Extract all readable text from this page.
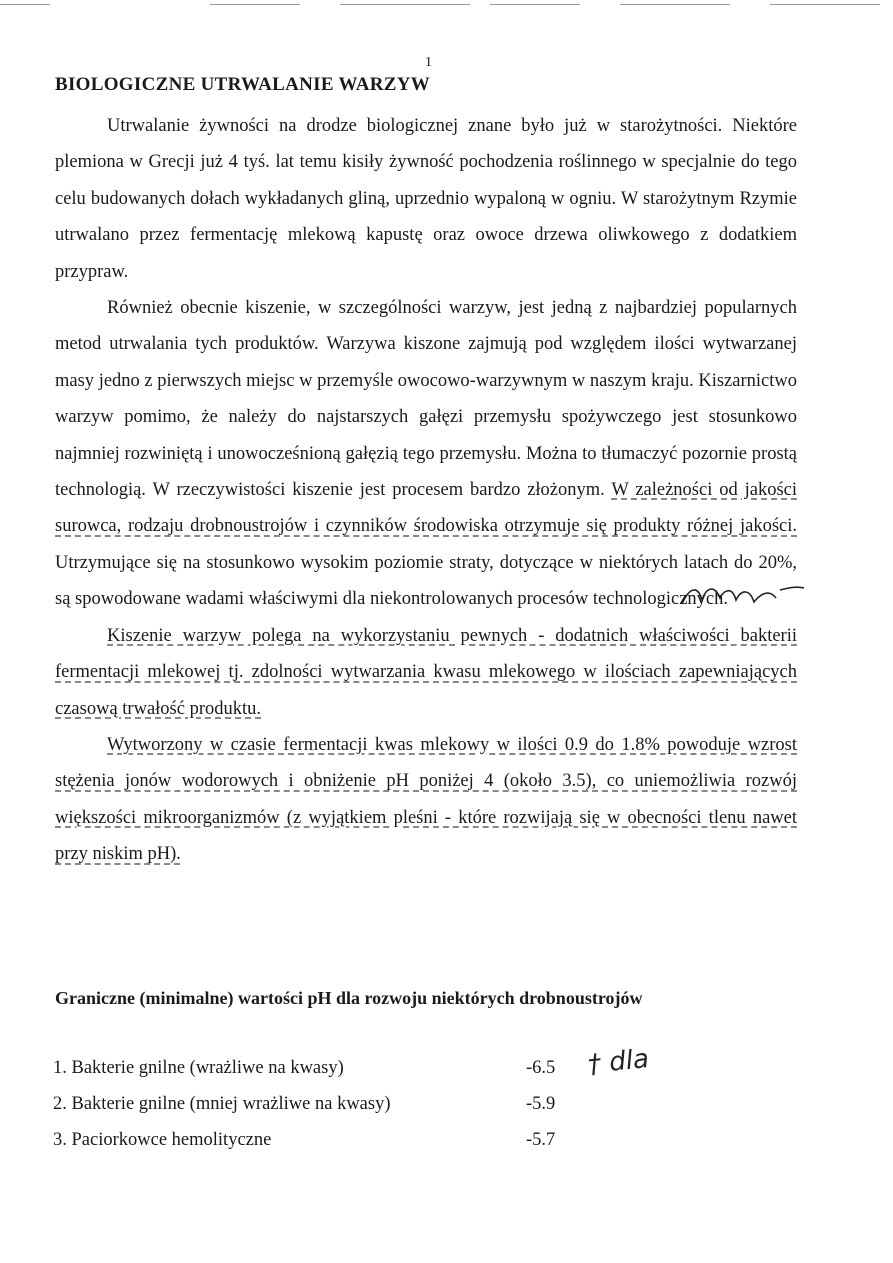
1
BIOLOGICZNE UTRWALANIE WARZYW

Utrwalanie żywności na drodze biologicznej znane było już w starożytności. Niektóre plemiona w Grecji już 4 tyś. lat temu kisiły żywność pochodzenia roślinnego w specjalnie do tego celu budowanych dołach wykładanych gliną, uprzednio wypaloną w ogniu. W starożytnym Rzymie utrwalano przez fermentację mlekową kapustę oraz owoce drzewa oliwkowego z dodatkiem przypraw.

Również obecnie kiszenie, w szczególności warzyw, jest jedną z najbardziej popularnych metod utrwalania tych produktów. Warzywa kiszone zajmują pod względem ilości wytwarzanej masy jedno z pierwszych miejsc w przemyśle owocowo-warzywnym w naszym kraju. Kiszarnictwo warzyw pomimo, że należy do najstarszych gałęzi przemysłu spożywczego jest stosunkowo najmniej rozwiniętą i unowocześnioną gałęzią tego przemysłu. Można to tłumaczyć pozornie prostą technologią. W rzeczywistości kiszenie jest procesem bardzo złożonym. W zależności od jakości surowca, rodzaju drobnoustrojów i czynników środowiska otrzymuje się produkty różnej jakości. Utrzymujące się na stosunkowo wysokim poziomie straty, dotyczące w niektórych latach do 20%, są spowodowane wadami właściwymi dla niekontrolowanych procesów technologicznych.

Kiszenie warzyw polega na wykorzystaniu pewnych - dodatnich właściwości bakterii fermentacji mlekowej tj. zdolności wytwarzania kwasu mlekowego w ilościach zapewniających czasową trwałość produktu.

Wytworzony w czasie fermentacji kwas mlekowy w ilości 0.9 do 1.8% powoduje wzrost stężenia jonów wodorowych i obniżenie pH poniżej 4 (około 3.5), co uniemożliwia rozwój większości mikroorganizmów (z wyjątkiem pleśni - które rozwijają się w obecności tlenu nawet przy niskim pH).

Graniczne (minimalne) wartości pH dla rozwoju niektórych drobnoustrojów
1. Bakterie gnilne (wrażliwe na kwasy)	-6.5
2. Bakterie gnilne (mniej wrażliwe na kwasy)	-5.9
3. Paciorkowce hemolityczne	-5.7
† dla
